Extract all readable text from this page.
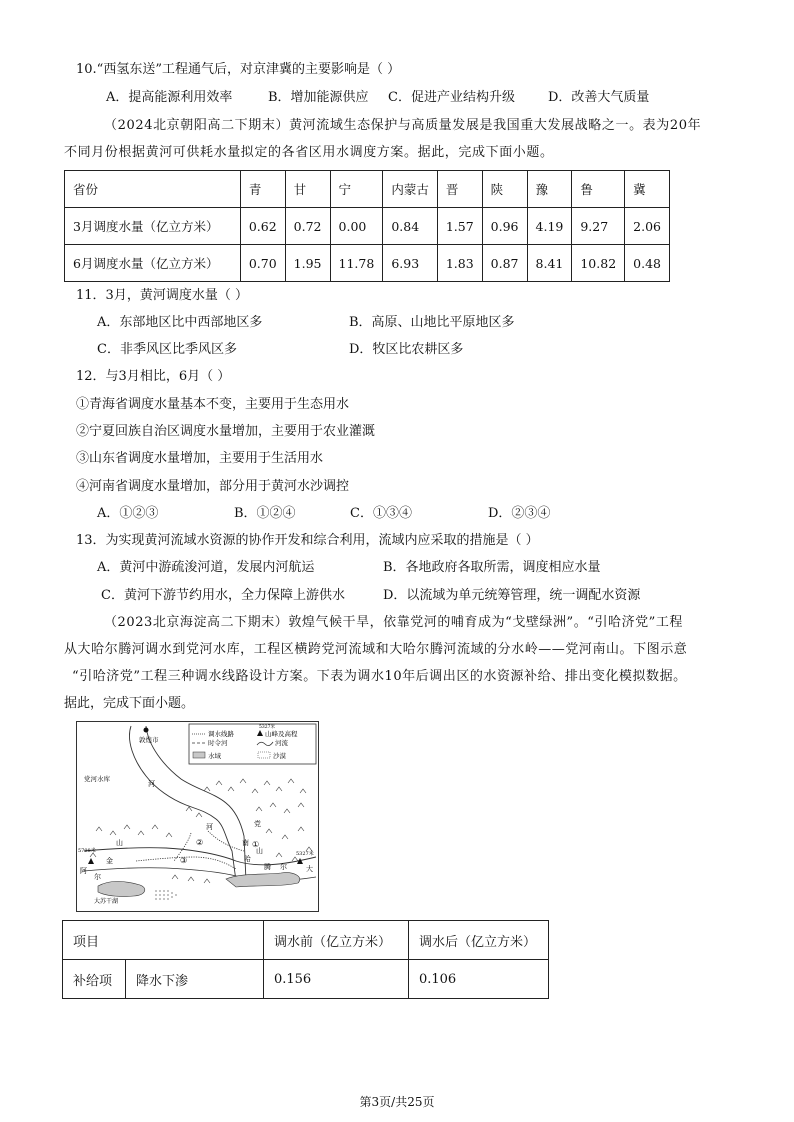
10.“西氢东送”工程通气后，对京津冀的主要影响是（ ）
A．提高能源利用效率	B．增加能源供应 C．促进产业结构升级	D．改善大气质量
（2024北京朝阳高二下期末）黄河流域生态保护与高质量发展是我国重大发展战略之一。表为20年
不同月份根据黄河可供耗水量拟定的各省区用水调度方案。据此，完成下面小题。
省份	青	甘	宁	内蒙古	晋	陕	豫	鲁	冀
3月调度水量（亿立方米）	0.62	0.72	0.00	0.84	1.57	0.96	4.19	9.27	2.06
6月调度水量（亿立方米）	0.70	1.95	11.78	6.93	1.83	0.87	8.41	10.82	0.48
11．3月，黄河调度水量（ ）
A．东部地区比中西部地区多	B．高原、山地比平原地区多
C．非季风区比季风区多	D．牧区比农耕区多
12．与3月相比，6月（ ）
①青海省调度水量基本不变，主要用于生态用水
②宁夏回族自治区调度水量增加，主要用于农业灌溉
③山东省调度水量增加，主要用于生活用水
④河南省调度水量增加，部分用于黄河水沙调控
A．①②③	B．①②④	C．①③④	D．②③④
13．为实现黄河流域水资源的协作开发和综合利用，流域内应采取的措施是（ ）
A．黄河中游疏浚河道，发展内河航运	B．各地政府各取所需，调度相应水量
C．黄河下游节约用水，全力保障上游供水	D．以流域为单元统筹管理，统一调配水资源
（2023北京海淀高二下期末）敦煌气候干旱，依靠党河的哺育成为“戈壁绿洲”。“引哈济党”工程
从大哈尔腾河调水到党河水库，工程区横跨党河流域和大哈尔腾河流域的分水岭——党河南山。下图示意
“引哈济党”工程三种调水线路设计方案。下表为调水10年后调出区的水资源补给、排出变化模拟数据。
据此，完成下面小题。
调水线路
5327米
山峰及高程
时令河	河流
水域	沙漠
敦煌市
党河水库
河
党
南
河
山
腾 尔
哈
大
5798米	5327米
阿
尔
金
山
大苏干湖
①
②
③
项目		调水前（亿立方米）	调水后（亿立方米）
补给项	降水下渗	0.156	0.106
第3页/共25页
